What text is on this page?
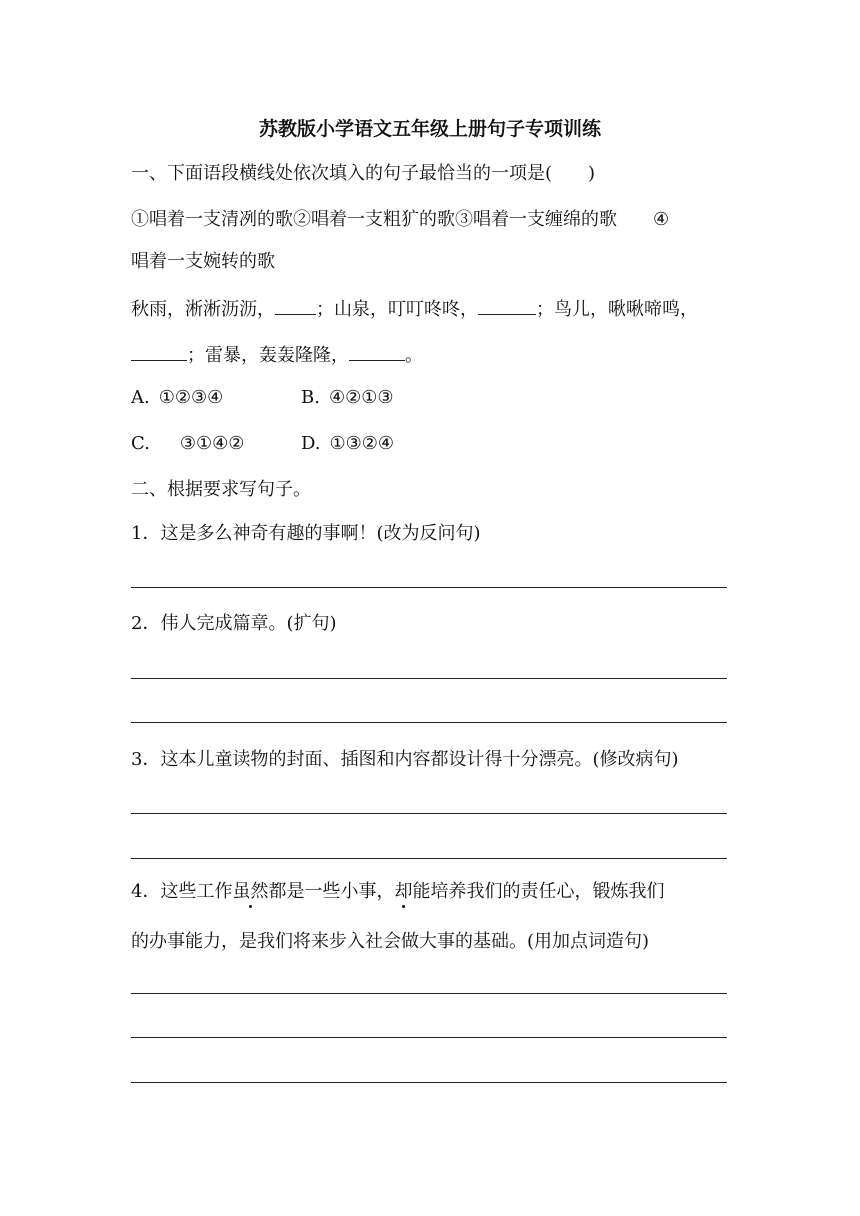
苏教版小学语文五年级上册句子专项训练
一、下面语段横线处依次填入的句子最恰当的一项是(　　)
①唱着一支清冽的歌②唱着一支粗犷的歌③唱着一支缠绵的歌 ④
唱着一支婉转的歌
秋雨，淅淅沥沥， ；山泉，叮叮咚咚，	；鸟儿，啾啾啼鸣，
；雷暴，轰轰隆隆，	。
A. ①②③④	B. ④②①③
C. ③①④②	D. ①③②④
二、根据要求写句子。
1．这是多么神奇有趣的事啊！(改为反问句)
2．伟人完成篇章。(扩句)
3．这本儿童读物的封面、插图和内容都设计得十分漂亮。(修改病句)
4．这些工作虽然都是一些小事，却能培养我们的责任心，锻炼我们
的办事能力，是我们将来步入社会做大事的基础。(用加点词造句)
